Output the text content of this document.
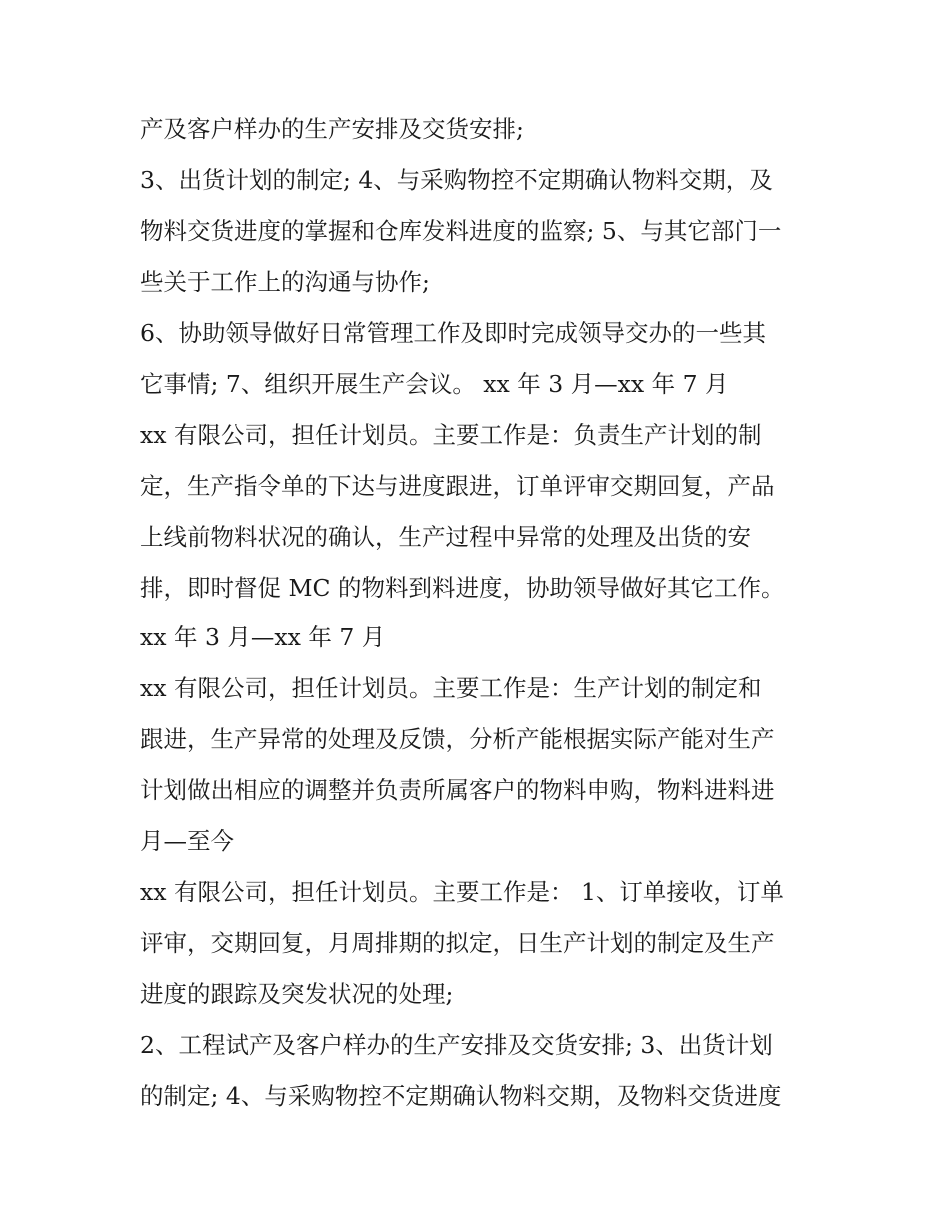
产及客户样办的生产安排及交货安排;

3、出货计划的制定; 4、与采购物控不定期确认物料交期，及

物料交货进度的掌握和仓库发料进度的监察; 5、与其它部门一

些关于工作上的沟通与协作;

6、协助领导做好日常管理工作及即时完成领导交办的一些其

它事情; 7、组织开展生产会议。 xx 年 3 月—xx 年 7 月

xx 有限公司，担任计划员。主要工作是：负责生产计划的制

定，生产指令单的下达与进度跟进，订单评审交期回复，产品

上线前物料状况的确认，生产过程中异常的处理及出货的安

排，即时督促 MC 的物料到料进度，协助领导做好其它工作。

xx 年 3 月—xx 年 7 月

xx 有限公司，担任计划员。主要工作是：生产计划的制定和

跟进，生产异常的处理及反馈，分析产能根据实际产能对生产

计划做出相应的调整并负责所属客户的物料申购，物料进料进

月—至今

xx 有限公司，担任计划员。主要工作是： 1、订单接收，订单

评审，交期回复，月周排期的拟定，日生产计划的制定及生产

进度的跟踪及突发状况的处理;

2、工程试产及客户样办的生产安排及交货安排; 3、出货计划

的制定; 4、与采购物控不定期确认物料交期，及物料交货进度
